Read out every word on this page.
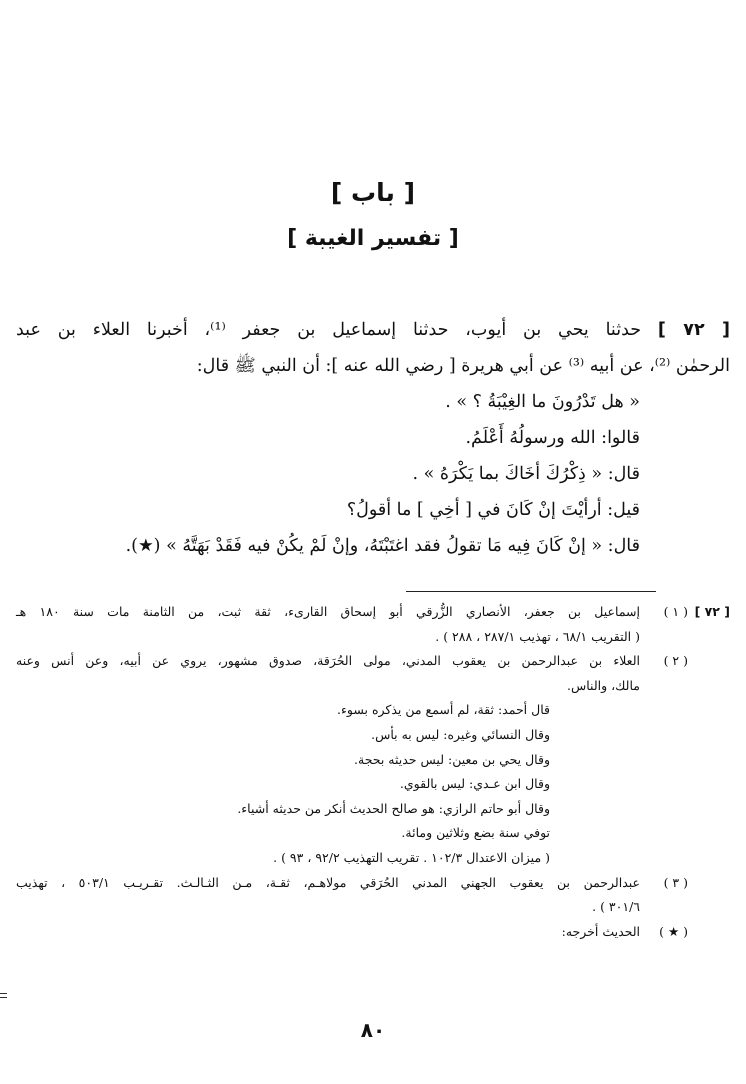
[ باب ]
[ تفسير الغيبة ]

[ ٧٢ ] حدثنا يحي بن أيوب، حدثنا إسماعيل بن جعفر ⁽¹⁾، أخبرنا العلاء بن عبد

الرحمٰن ⁽²⁾، عن أبيه ⁽³⁾ عن أبي هريرة [ رضي الله عنه ]: أن النبي ﷺ قال:

« هل تَدْرُونَ ما الغِيْبَةُ ؟ » .

قالوا: الله ورسولُهُ أَعْلَمُ.

قال: « ذِكْرُكَ أخَاكَ بما يَكْرَهُ » .

قيل: أرأيْتَ إنْ كَانَ في [ أخِي ] ما أقولُ؟

قال: « إنْ كَانَ فِيه مَا تقولُ فقد اغتَبْتَهُ، وإنْ لَمْ يكُنْ فيه فَقَدْ بَهَتَّهُ » (★).

[ ٧٢ ]
( ١ )
إسماعيل بن جعفر، الأنصاري الزُّرقي أبو إسحاق القارىء، ثقة ثبت، من الثامنة مات سنة ١٨٠ هـ
( التقريب ٦٨/١ ، تهذيب ٢٨٧/١ ، ٢٨٨ ) .
( ٢ )
العلاء بن عبدالرحمن بن يعقوب المدني، مولى الحُرَقة، صدوق مشهور، يروي عن أبيه، وعن أنس وعنه
مالك، والناس.
قال أحمد: ثقة، لم أسمع من يذكره بسوء.
وقال النسائي وغيره: ليس به بأس.
وقال يحي بن معين: ليس حديثه بحجة.
وقال ابن عـدي: ليس بالقوي.
وقال أبو حاتم الرازي: هو صالح الحديث أنكر من حديثه أشياء.
توفي سنة بضع وثلاثين ومائة.
( ميزان الاعتدال ١٠٢/٣ . تقريب التهذيب ٩٢/٢ ، ٩٣ ) .
( ٣ )
عبدالرحمن بن يعقوب الجهني المدني الحُرَقي مولاهـم، ثقـة، مـن الثـالـث. تقـريـب ٥٠٣/١ ، تهذيب
٣٠١/٦ ) .
( ★ )
الحديث أخرجه:
٨٠
